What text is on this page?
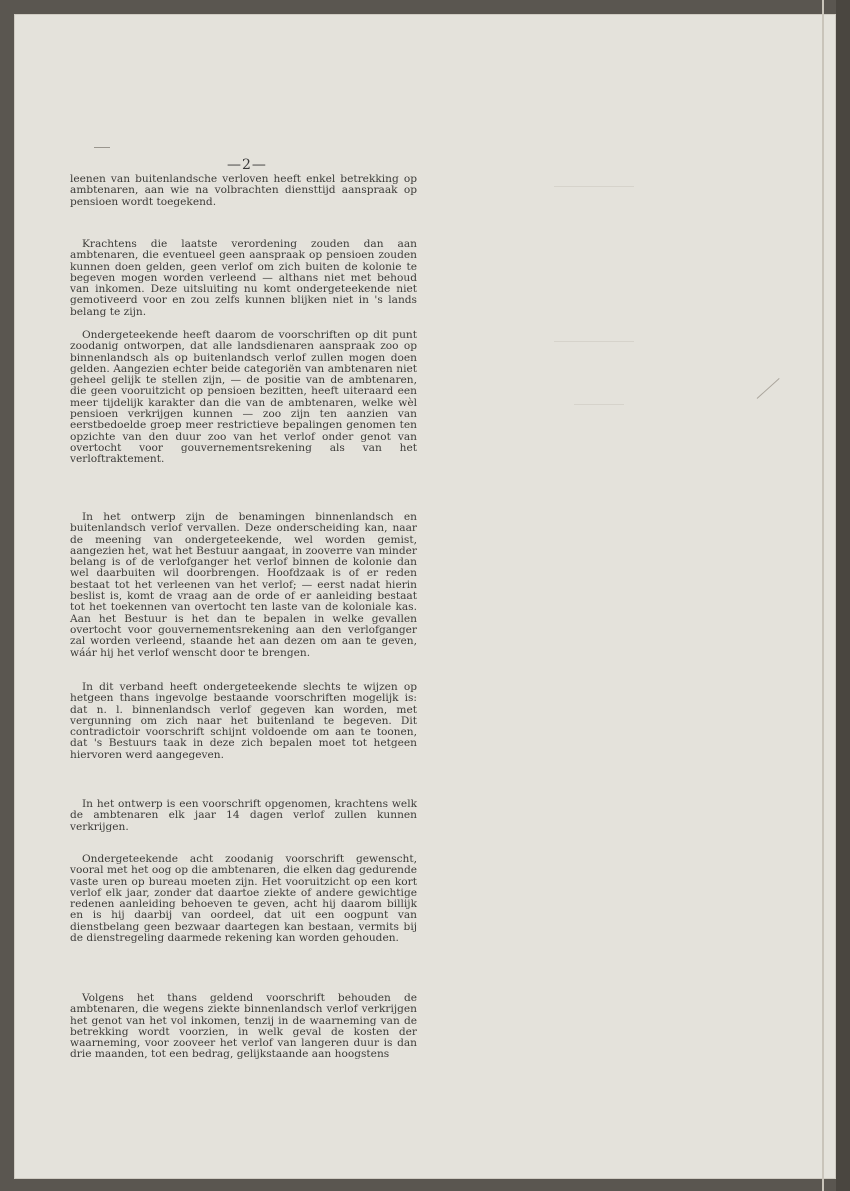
—2—

leenen van buitenlandsche verloven heeft enkel betrekking op ambtenaren, aan wie na volbrachten diensttijd aanspraak op pensioen wordt toegekend.

Krachtens die laatste verordening zouden dan aan ambtenaren, die eventueel geen aanspraak op pensioen zouden kunnen doen gelden, geen verlof om zich buiten de kolonie te begeven mogen worden verleend — althans niet met behoud van inkomen. Deze uitsluiting nu komt ondergeteekende niet gemotiveerd voor en zou zelfs kunnen blijken niet in 's lands belang te zijn.

Ondergeteekende heeft daarom de voorschriften op dit punt zoodanig ontworpen, dat alle landsdienaren aanspraak zoo op binnenlandsch als op buitenlandsch verlof zullen mogen doen gelden. Aangezien echter beide categoriën van ambtenaren niet geheel gelijk te stellen zijn, — de positie van de ambtenaren, die geen vooruitzicht op pensioen bezitten, heeft uiteraard een meer tijdelijk karakter dan die van de ambtenaren, welke wèl pensioen verkrijgen kunnen — zoo zijn ten aanzien van eerstbedoelde groep meer restrictieve bepalingen genomen ten opzichte van den duur zoo van het verlof onder genot van overtocht voor gouvernementsrekening als van het verloftraktement.

In het ontwerp zijn de benamingen binnenlandsch en buitenlandsch verlof vervallen. Deze onderscheiding kan, naar de meening van ondergeteekende, wel worden gemist, aangezien het, wat het Bestuur aangaat, in zooverre van minder belang is of de verlofganger het verlof binnen de kolonie dan wel daarbuiten wil doorbrengen. Hoofdzaak is of er reden bestaat tot het verleenen van het verlof; — eerst nadat hierin beslist is, komt de vraag aan de orde of er aanleiding bestaat tot het toekennen van overtocht ten laste van de koloniale kas. Aan het Bestuur is het dan te bepalen in welke gevallen overtocht voor gouvernementsrekening aan den verlofganger zal worden verleend, staande het aan dezen om aan te geven, wáár hij het verlof wenscht door te brengen.

In dit verband heeft ondergeteekende slechts te wijzen op hetgeen thans ingevolge bestaande voorschriften mogelijk is: dat n. l. binnenlandsch verlof gegeven kan worden, met vergunning om zich naar het buitenland te begeven. Dit contradictoir voorschrift schijnt voldoende om aan te toonen, dat 's Bestuurs taak in deze zich bepalen moet tot hetgeen hiervoren werd aangegeven.

In het ontwerp is een voorschrift opgenomen, krachtens welk de ambtenaren elk jaar 14 dagen verlof zullen kunnen verkrijgen.

Ondergeteekende acht zoodanig voorschrift gewenscht, vooral met het oog op die ambtenaren, die elken dag gedurende vaste uren op bureau moeten zijn. Het vooruitzicht op een kort verlof elk jaar, zonder dat daartoe ziekte of andere gewichtige redenen aanleiding behoeven te geven, acht hij daarom billijk en is hij daarbij van oordeel, dat uit een oogpunt van dienstbelang geen bezwaar daartegen kan bestaan, vermits bij de dienstregeling daarmede rekening kan worden gehouden.

Volgens het thans geldend voorschrift behouden de ambtenaren, die wegens ziekte binnenlandsch verlof verkrijgen het genot van het vol inkomen, tenzij in de waarneming van de betrekking wordt voorzien, in welk geval de kosten der waarneming, voor zooveer het verlof van langeren duur is dan drie maanden, tot een bedrag, gelijkstaande aan hoogstens
